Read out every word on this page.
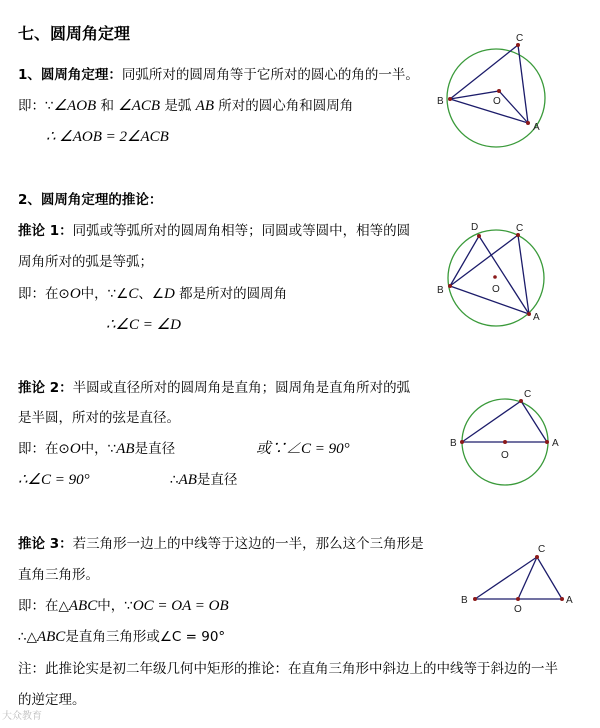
七、圆周角定理
1、圆周角定理：同弧所对的圆周角等于它所对的圆心的角的一半。
即：∵∠AOB 和 ∠ACB 是弧 AB 所对的圆心角和圆周角
∴ ∠AOB = 2∠ACB
C
B	O
A
2、圆周角定理的推论：
推论 1：同弧或等弧所对的圆周角相等；同圆或等圆中，相等的圆
周角所对的弧是等弧；
即：在⊙O中，∵∠C、∠D 都是所对的圆周角
∴∠C = ∠D
D	C
B	O
A
推论 2：半圆或直径所对的圆周角是直角；圆周角是直角所对的弧
是半圆，所对的弦是直径。
即：在⊙O中，∵AB是直径	或∵∠C = 90°
∴∠C = 90°	∴AB是直径
C
B
O
A
推论 3：若三角形一边上的中线等于这边的一半，那么这个三角形是
直角三角形。
即：在△ABC中，∵OC = OA = OB
∴△ABC是直角三角形或∠C = 90°
注：此推论实是初二年级几何中矩形的推论：在直角三角形中斜边上的中线等于斜边的一半
的逆定理。
C
B
O
A
大众教育
